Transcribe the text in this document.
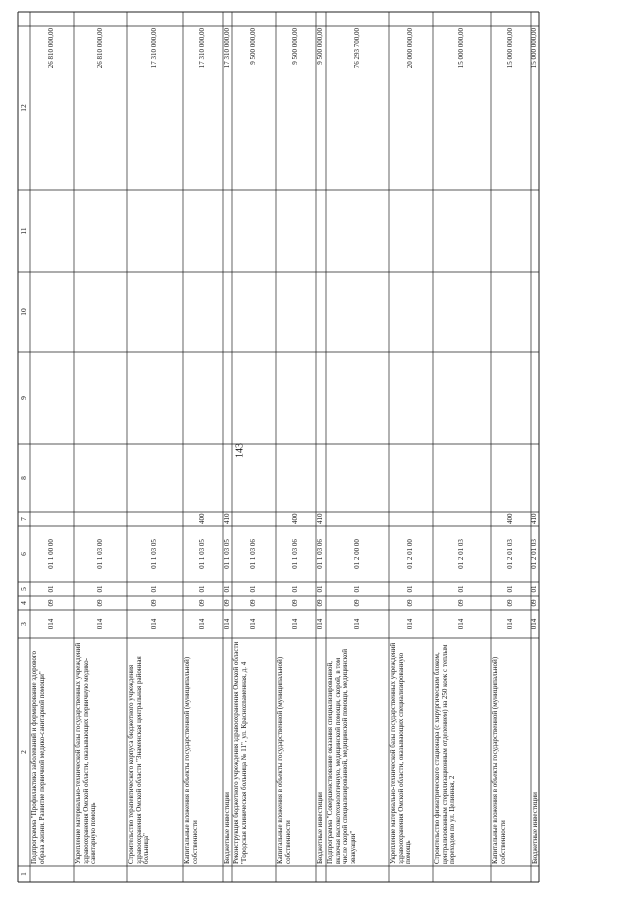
143
1
2
3
4
5
6
7
8
9
10
11
12
Подпрограмма "Профилактика заболеваний и формирование здорового образа жизни. Развитие первичной медико-санитарной помощи"
014
09
01
01 1 00 00
26 810 000,00
Укрепление материально-технической базы государственных учреждений здравоохранения Омской области, оказывающих первичную медико-санитарную помощь
014
09
01
01 1 03 00
26 810 000,00
Строительство терапевтического корпуса бюджетного учреждения здравоохранения Омской области "Знаменская центральная районная больница"
014
09
01
01 1 03 05
17 310 000,00
Капитальные вложения в объекты государственной (муниципальной) собственности
014
09
01
01 1 03 05
400
17 310 000,00
Бюджетные инвестиции
014
09
01
01 1 03 05
410
17 310 000,00
Реконструкция бюджетного учреждения здравоохранения Омской области "Городская клиническая больница № 11", ул. Красноznаменная, д. 4
014
09
01
01 1 03 06
9 500 000,00
Капитальные вложения в объекты государственной (муниципальной) собственности
014
09
01
01 1 03 06
400
9 500 000,00
Бюджетные инвестиции
014
09
01
01 1 03 06
410
9 500 000,00
Подпрограмма "Совершенствование оказания специализированной, включая высокотехнологичную, медицинской помощи, скорой, в том числе скорой специализированной, медицинской помощи, медицинской эвакуации"
014
09
01
01 2 00 00
76 293 700,00
Укрепление материально-технической базы государственных учреждений здравоохранения Омской области, оказывающих специализированную помощь
014
09
01
01 2 01 00
20 000 000,00
Строительство физиатрического стационара (с хирургическим блоком, централизованным стерилизационным отделением) на 250 коек с теплым переходом по ул. Целинная, 2
014
09
01
01 2 01 03
15 000 000,00
Капитальные вложения в объекты государственной (муниципальной) собственности
014
09
01
01 2 01 03
400
15 000 000,00
Бюджетные инвестиции
014
09
01
01 2 01 03
410
15 000 000,00
